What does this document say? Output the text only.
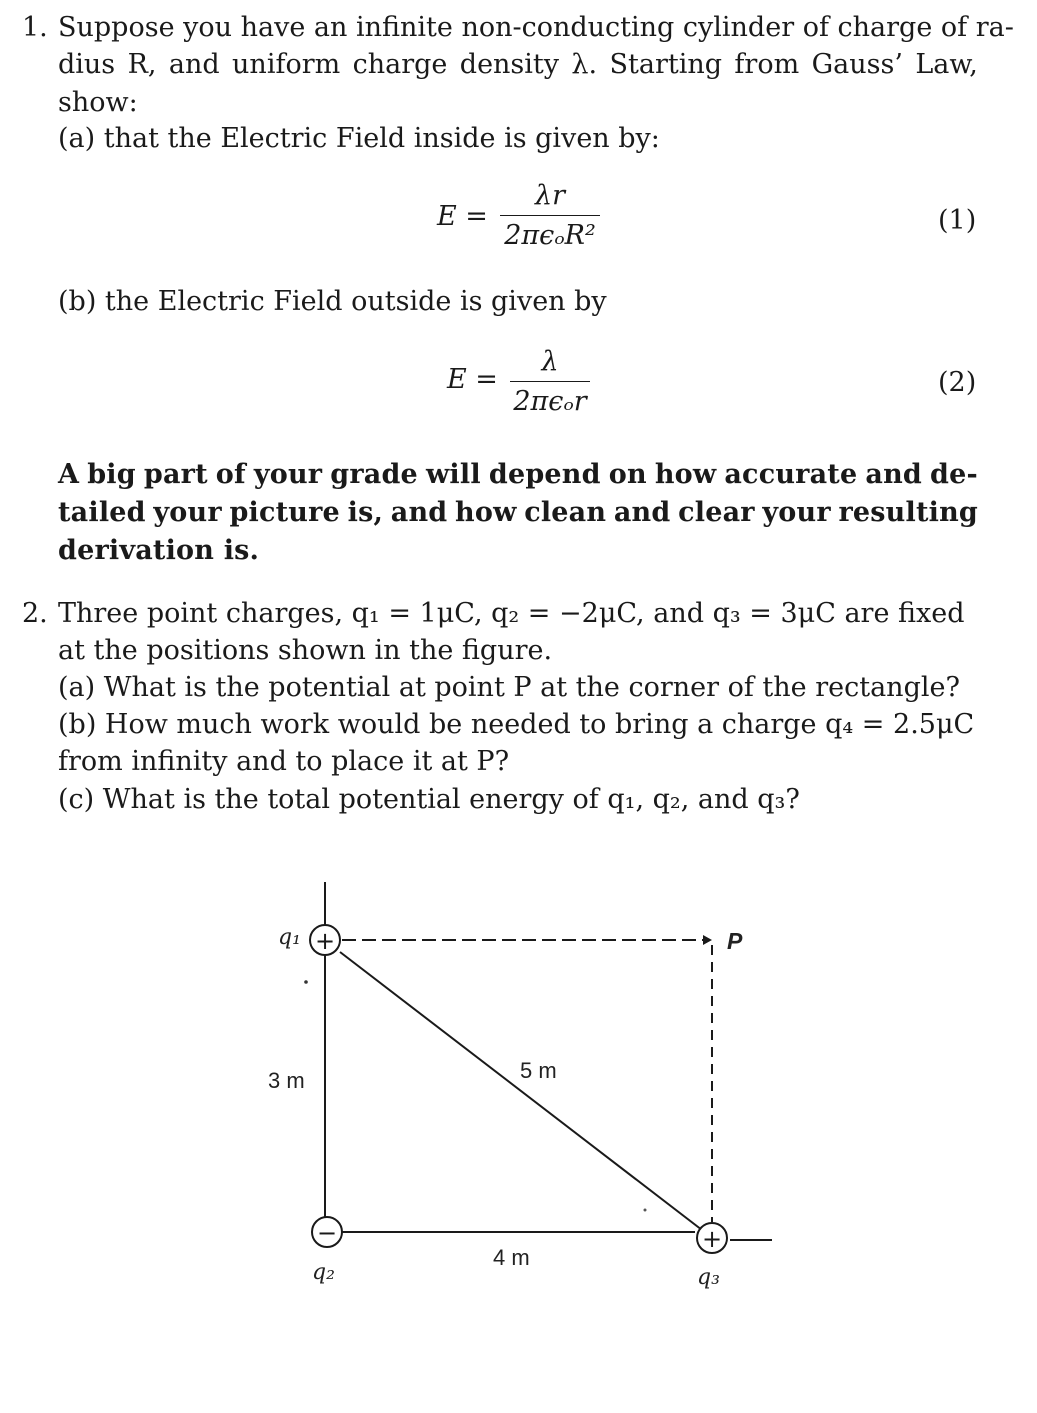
1. Suppose you have an infinite non-conducting cylinder of charge of ra-
dius R, and uniform charge density λ. Starting from Gauss’ Law,
show:
(a) that the Electric Field inside is given by:
E =
λr
2πϵₒR²	(1)
(b) the Electric Field outside is given by
E =
λ
2πϵₒr
(2)
A big part of your grade will depend on how accurate and de-
tailed your picture is, and how clean and clear your resulting
derivation is.
2. Three point charges, q₁ = 1μC, q₂ = −2μC, and q₃ = 3μC are fixed
at the positions shown in the figure.
(a) What is the potential at point P at the corner of the rectangle?
(b) How much work would be needed to bring a charge q₄ = 2.5μC
from infinity and to place it at P?
(c) What is the total potential energy of q₁, q₂, and q₃?
+
−	+
q₁	P
3 m	5 m
4 m
q₂	q₃
